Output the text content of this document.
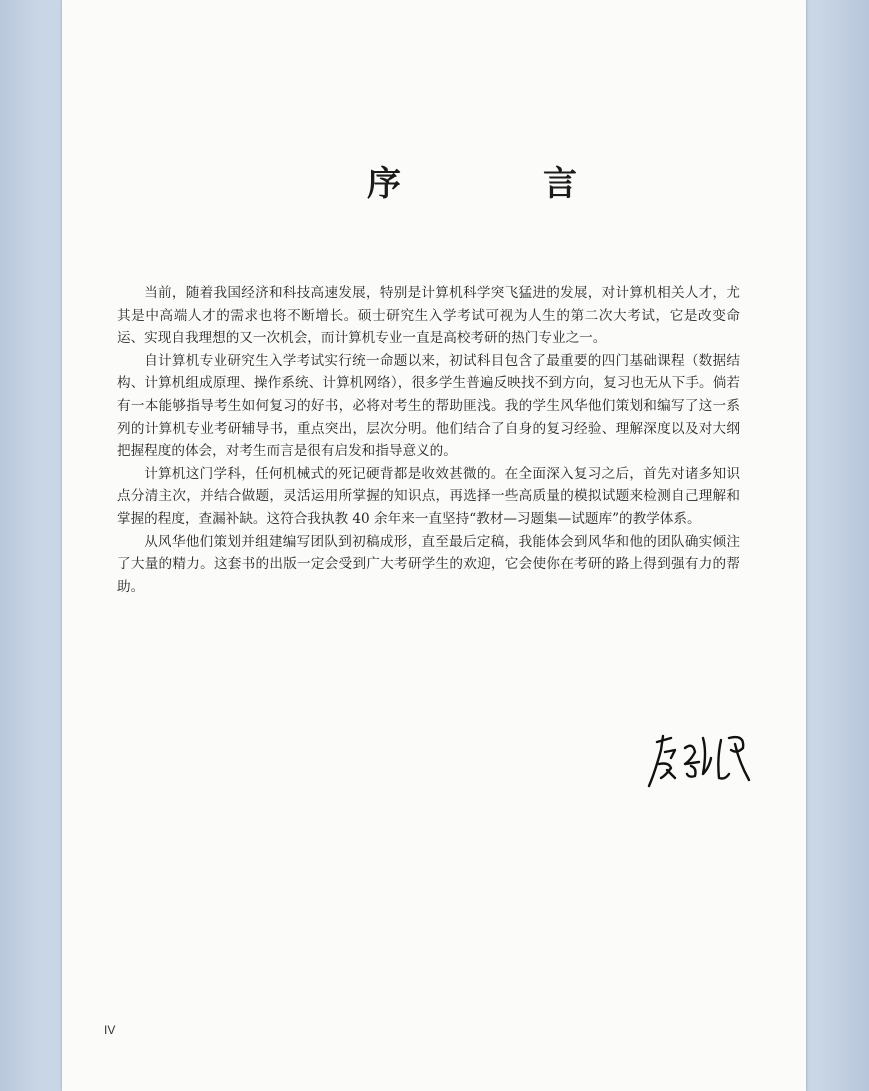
序	言

当前，随着我国经济和科技高速发展，特别是计算机科学突飞猛进的发展，对计算机相关人才，尤其是中高端人才的需求也将不断增长。硕士研究生入学考试可视为人生的第二次大考试，它是改变命运、实现自我理想的又一次机会，而计算机专业一直是高校考研的热门专业之一。

自计算机专业研究生入学考试实行统一命题以来，初试科目包含了最重要的四门基础课程（数据结构、计算机组成原理、操作系统、计算机网络），很多学生普遍反映找不到方向，复习也无从下手。倘若有一本能够指导考生如何复习的好书，必将对考生的帮助匪浅。我的学生风华他们策划和编写了这一系列的计算机专业考研辅导书，重点突出，层次分明。他们结合了自身的复习经验、理解深度以及对大纲把握程度的体会，对考生而言是很有启发和指导意义的。

计算机这门学科，任何机械式的死记硬背都是收效甚微的。在全面深入复习之后，首先对诸多知识点分清主次，并结合做题，灵活运用所掌握的知识点，再选择一些高质量的模拟试题来检测自己理解和掌握的程度，查漏补缺。这符合我执教 40 余年来一直坚持“教材—习题集—试题库”的教学体系。

从风华他们策划并组建编写团队到初稿成形，直至最后定稿，我能体会到风华和他的团队确实倾注了大量的精力。这套书的出版一定会受到广大考研学生的欢迎，它会使你在考研的路上得到强有力的帮助。

IV
